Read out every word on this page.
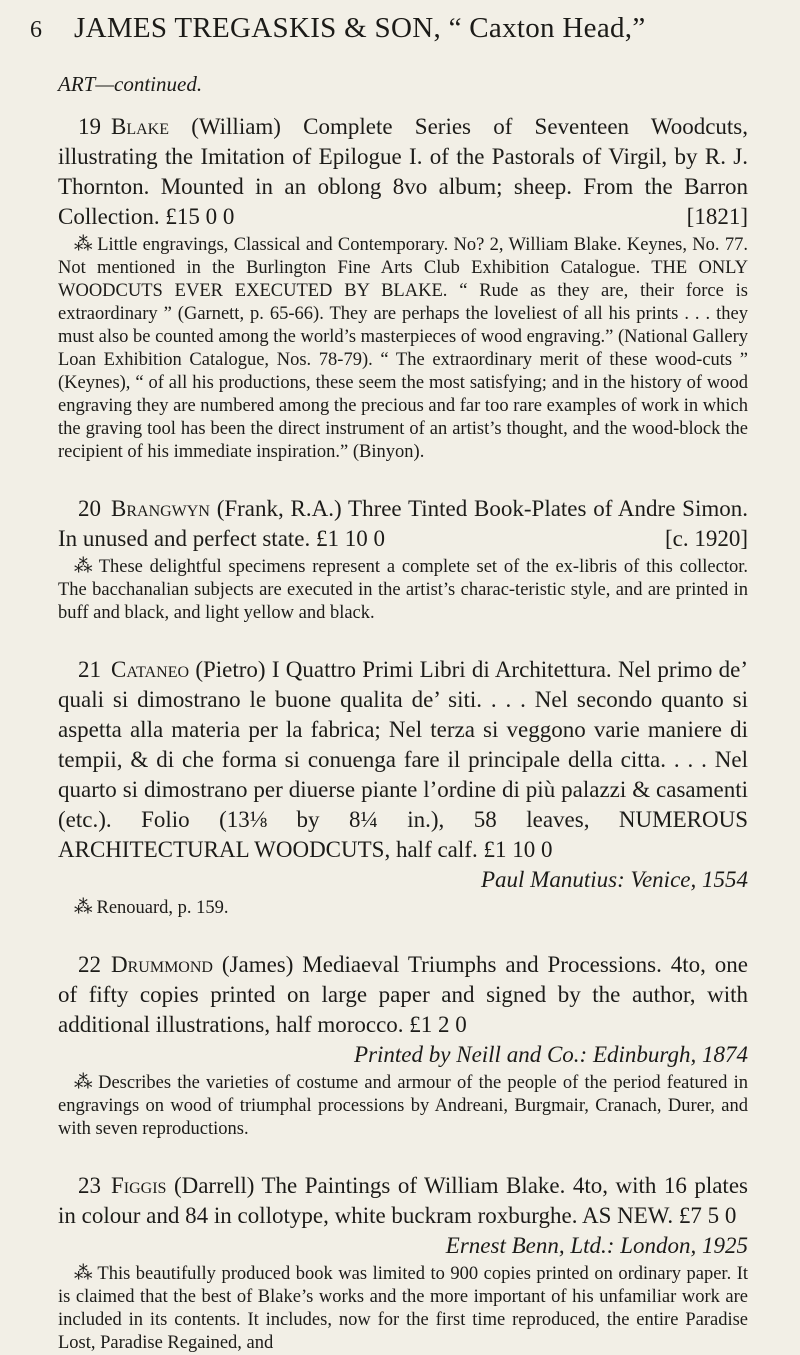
6	JAMES TREGASKIS & SON, “ Caxton Head,”
ART—continued.
19 Blake (William) Complete Series of Seventeen Woodcuts, illustrating the Imitation of Epilogue I. of the Pastorals of Virgil, by R. J. Thornton. Mounted in an oblong 8vo album; sheep. From the Barron Collection. £15 0 0	[1821]
⁂ Little engravings, Classical and Contemporary. No? 2, William Blake. Keynes, No. 77. Not mentioned in the Burlington Fine Arts Club Exhibition Catalogue. THE ONLY WOODCUTS EVER EXECUTED BY BLAKE. “ Rude as they are, their force is extraordinary ” (Garnett, p. 65-66). They are perhaps the loveliest of all his prints . . . they must also be counted among the world’s masterpieces of wood engraving.” (National Gallery Loan Exhibition Catalogue, Nos. 78-79). “ The extraordinary merit of these wood-cuts ” (Keynes), “ of all his productions, these seem the most satisfying; and in the history of wood engraving they are numbered among the precious and far too rare examples of work in which the graving tool has been the direct instrument of an artist’s thought, and the wood-block the recipient of his immediate inspiration.” (Binyon).
20 Brangwyn (Frank, R.A.) Three Tinted Book-Plates of Andre Simon. In unused and perfect state. £1 10 0	[c. 1920]
⁂ These delightful specimens represent a complete set of the ex-libris of this collector. The bacchanalian subjects are executed in the artist’s charac-teristic style, and are printed in buff and black, and light yellow and black.
21 Cataneo (Pietro) I Quattro Primi Libri di Architettura. Nel primo de’ quali si dimostrano le buone qualita de’ siti. . . . Nel secondo quanto si aspetta alla materia per la fabrica; Nel terza si veggono varie maniere di tempii, & di che forma si conuenga fare il principale della citta. . . . Nel quarto si dimostrano per diuerse piante l’ordine di più palazzi & casamenti (etc.). Folio (13⅛ by 8¼ in.), 58 leaves, NUMEROUS ARCHITECTURAL WOODCUTS, half calf. £1 10 0
Paul Manutius: Venice, 1554
⁂ Renouard, p. 159.
22 Drummond (James) Mediaeval Triumphs and Processions. 4to, one of fifty copies printed on large paper and signed by the author, with additional illustrations, half morocco. £1 2 0
Printed by Neill and Co.: Edinburgh, 1874
⁂ Describes the varieties of costume and armour of the people of the period featured in engravings on wood of triumphal processions by Andreani, Burgmair, Cranach, Durer, and with seven reproductions.
23 Figgis (Darrell) The Paintings of William Blake. 4to, with 16 plates in colour and 84 in collotype, white buckram roxburghe. AS NEW. £7 5 0
Ernest Benn, Ltd.: London, 1925
⁂ This beautifully produced book was limited to 900 copies printed on ordinary paper. It is claimed that the best of Blake’s works and the more important of his unfamiliar work are included in its contents. It includes, now for the first time reproduced, the entire Paradise Lost, Paradise Regained, and
